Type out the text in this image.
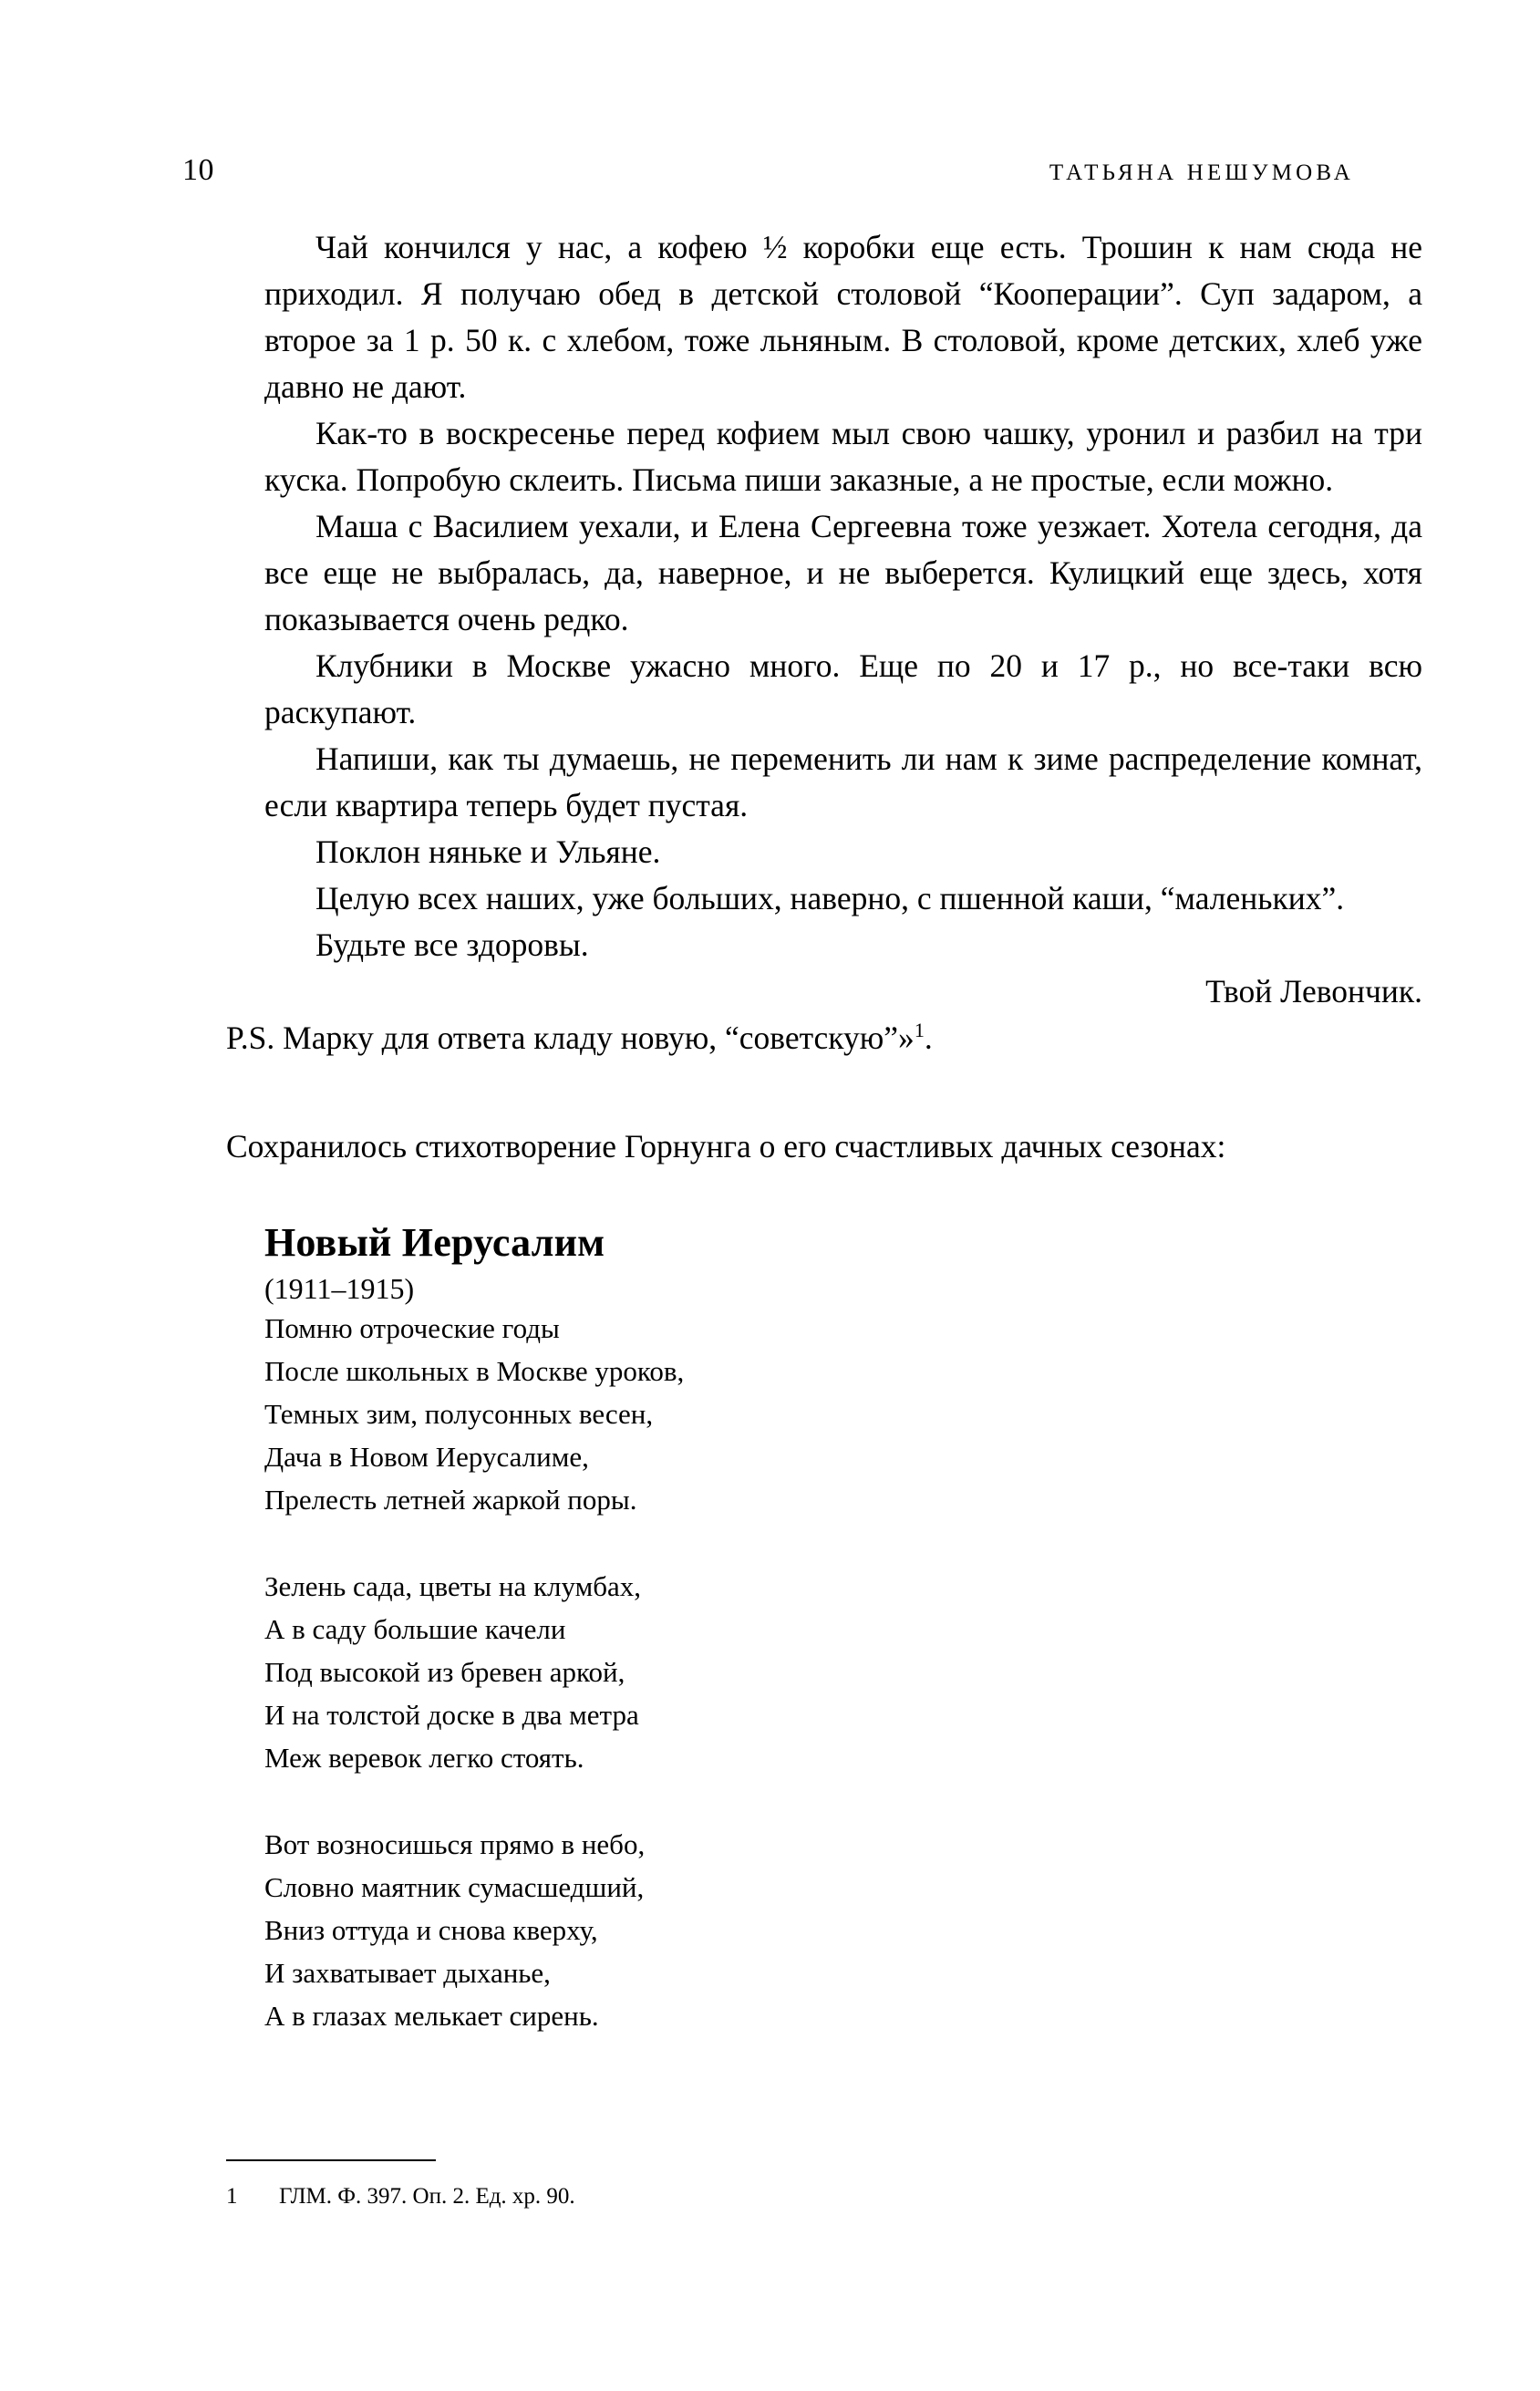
10	ТАТЬЯНА НЕШУМОВА

Чай кончился у нас, а кофею ½ коробки еще есть. Трошин к нам сюда не приходил. Я получаю обед в детской столовой “Кооперации”. Суп задаром, а второе за 1 р. 50 к. с хлебом, тоже льняным. В столовой, кроме детских, хлеб уже давно не дают.

Как-то в воскресенье перед кофием мыл свою чашку, уронил и разбил на три куска. Попробую склеить. Письма пиши заказные, а не простые, если можно.

Маша с Василием уехали, и Елена Сергеевна тоже уезжает. Хотела сегодня, да все еще не выбралась, да, наверное, и не выберется. Кулицкий еще здесь, хотя показывается очень редко.

Клубники в Москве ужасно много. Еще по 20 и 17 р., но все-таки всю раскупают.

Напиши, как ты думаешь, не переменить ли нам к зиме распределение комнат, если квартира теперь будет пустая.

Поклон няньке и Ульяне.

Целую всех наших, уже больших, наверно, с пшенной каши, “маленьких”.

Будьте все здоровы.

Твой Левончик.

P.S. Марку для ответа кладу новую, “советскую”»$^1$.

Сохранилось стихотворение Горнунга о его счастливых дачных сезонах:

Новый Иерусалим
(1911–1915)
Помню отроческие годы
После школьных в Москве уроков,
Темных зим, полусонных весен,
Дача в Новом Иерусалиме,
Прелесть летней жаркой поры.
Зелень сада, цветы на клумбах,
А в саду большие качели
Под высокой из бревен аркой,
И на толстой доске в два метра
Меж веревок легко стоять.
Вот возносишься прямо в небо,
Словно маятник сумасшедший,
Вниз оттуда и снова кверху,
И захватывает дыханье,
А в глазах мелькает сирень.
1	ГЛМ. Ф. 397. Оп. 2. Ед. хр. 90.
